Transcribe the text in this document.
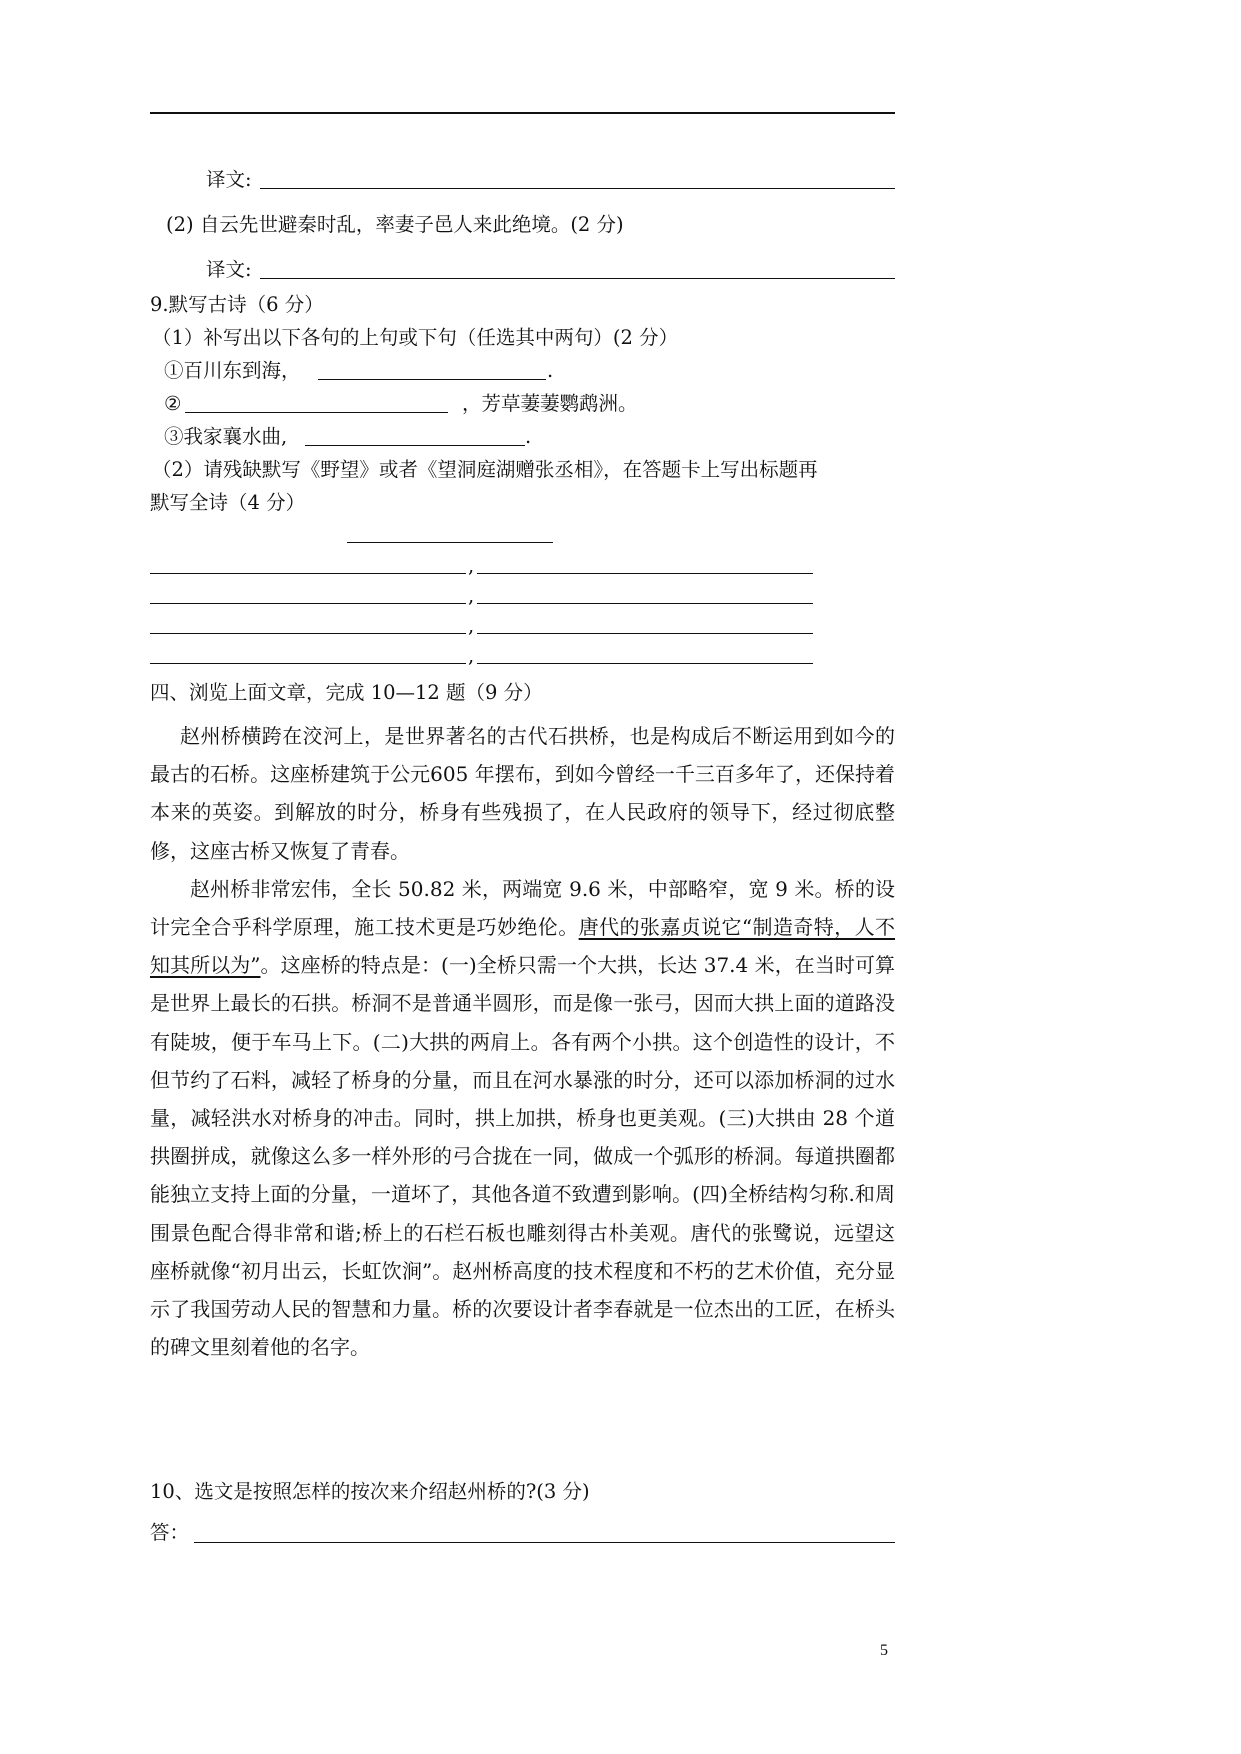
译文:
(2) 自云先世避秦时乱，率妻子邑人来此绝境。(2 分)
译文:
9.默写古诗（6 分）
（1）补写出以下各句的上句或下句（任选其中两句）(2 分）
①百川东到海，	.
②	，芳草萋萋鹦鹉洲。
③我家襄水曲,	.
（2）请残缺默写《野望》或者《望洞庭湖赠张丞相》，在答题卡上写出标题再
默写全诗（4 分）
,
,
,
,
四、浏览上面文章，完成 10—12 题（9 分）

赵州桥横跨在洨河上，是世界著名的古代石拱桥，也是构成后不断运用到如今的最古的石桥。这座桥建筑于公元605 年摆布，到如今曾经一千三百多年了，还保持着本来的英姿。到解放的时分，桥身有些残损了，在人民政府的领导下，经过彻底整修，这座古桥又恢复了青春。

赵州桥非常宏伟，全长 50.82 米，两端宽 9.6 米，中部略窄，宽 9 米。桥的设计完全合乎科学原理，施工技术更是巧妙绝伦。唐代的张嘉贞说它“制造奇特，人不知其所以为”。这座桥的特点是：(一)全桥只需一个大拱，长达 37.4 米，在当时可算是世界上最长的石拱。桥洞不是普通半圆形，而是像一张弓，因而大拱上面的道路没有陡坡，便于车马上下。(二)大拱的两肩上。各有两个小拱。这个创造性的设计，不但节约了石料，减轻了桥身的分量，而且在河水暴涨的时分，还可以添加桥洞的过水量，减轻洪水对桥身的冲击。同时，拱上加拱，桥身也更美观。(三)大拱由 28 个道拱圈拼成，就像这么多一样外形的弓合拢在一同，做成一个弧形的桥洞。每道拱圈都能独立支持上面的分量，一道坏了，其他各道不致遭到影响。(四)全桥结构匀称.和周围景色配合得非常和谐;桥上的石栏石板也雕刻得古朴美观。唐代的张鹭说，远望这座桥就像“初月出云，长虹饮涧”。赵州桥高度的技术程度和不朽的艺术价值，充分显示了我国劳动人民的智慧和力量。桥的次要设计者李春就是一位杰出的工匠，在桥头的碑文里刻着他的名字。

10、选文是按照怎样的按次来介绍赵州桥的?(3 分)
答：
5
